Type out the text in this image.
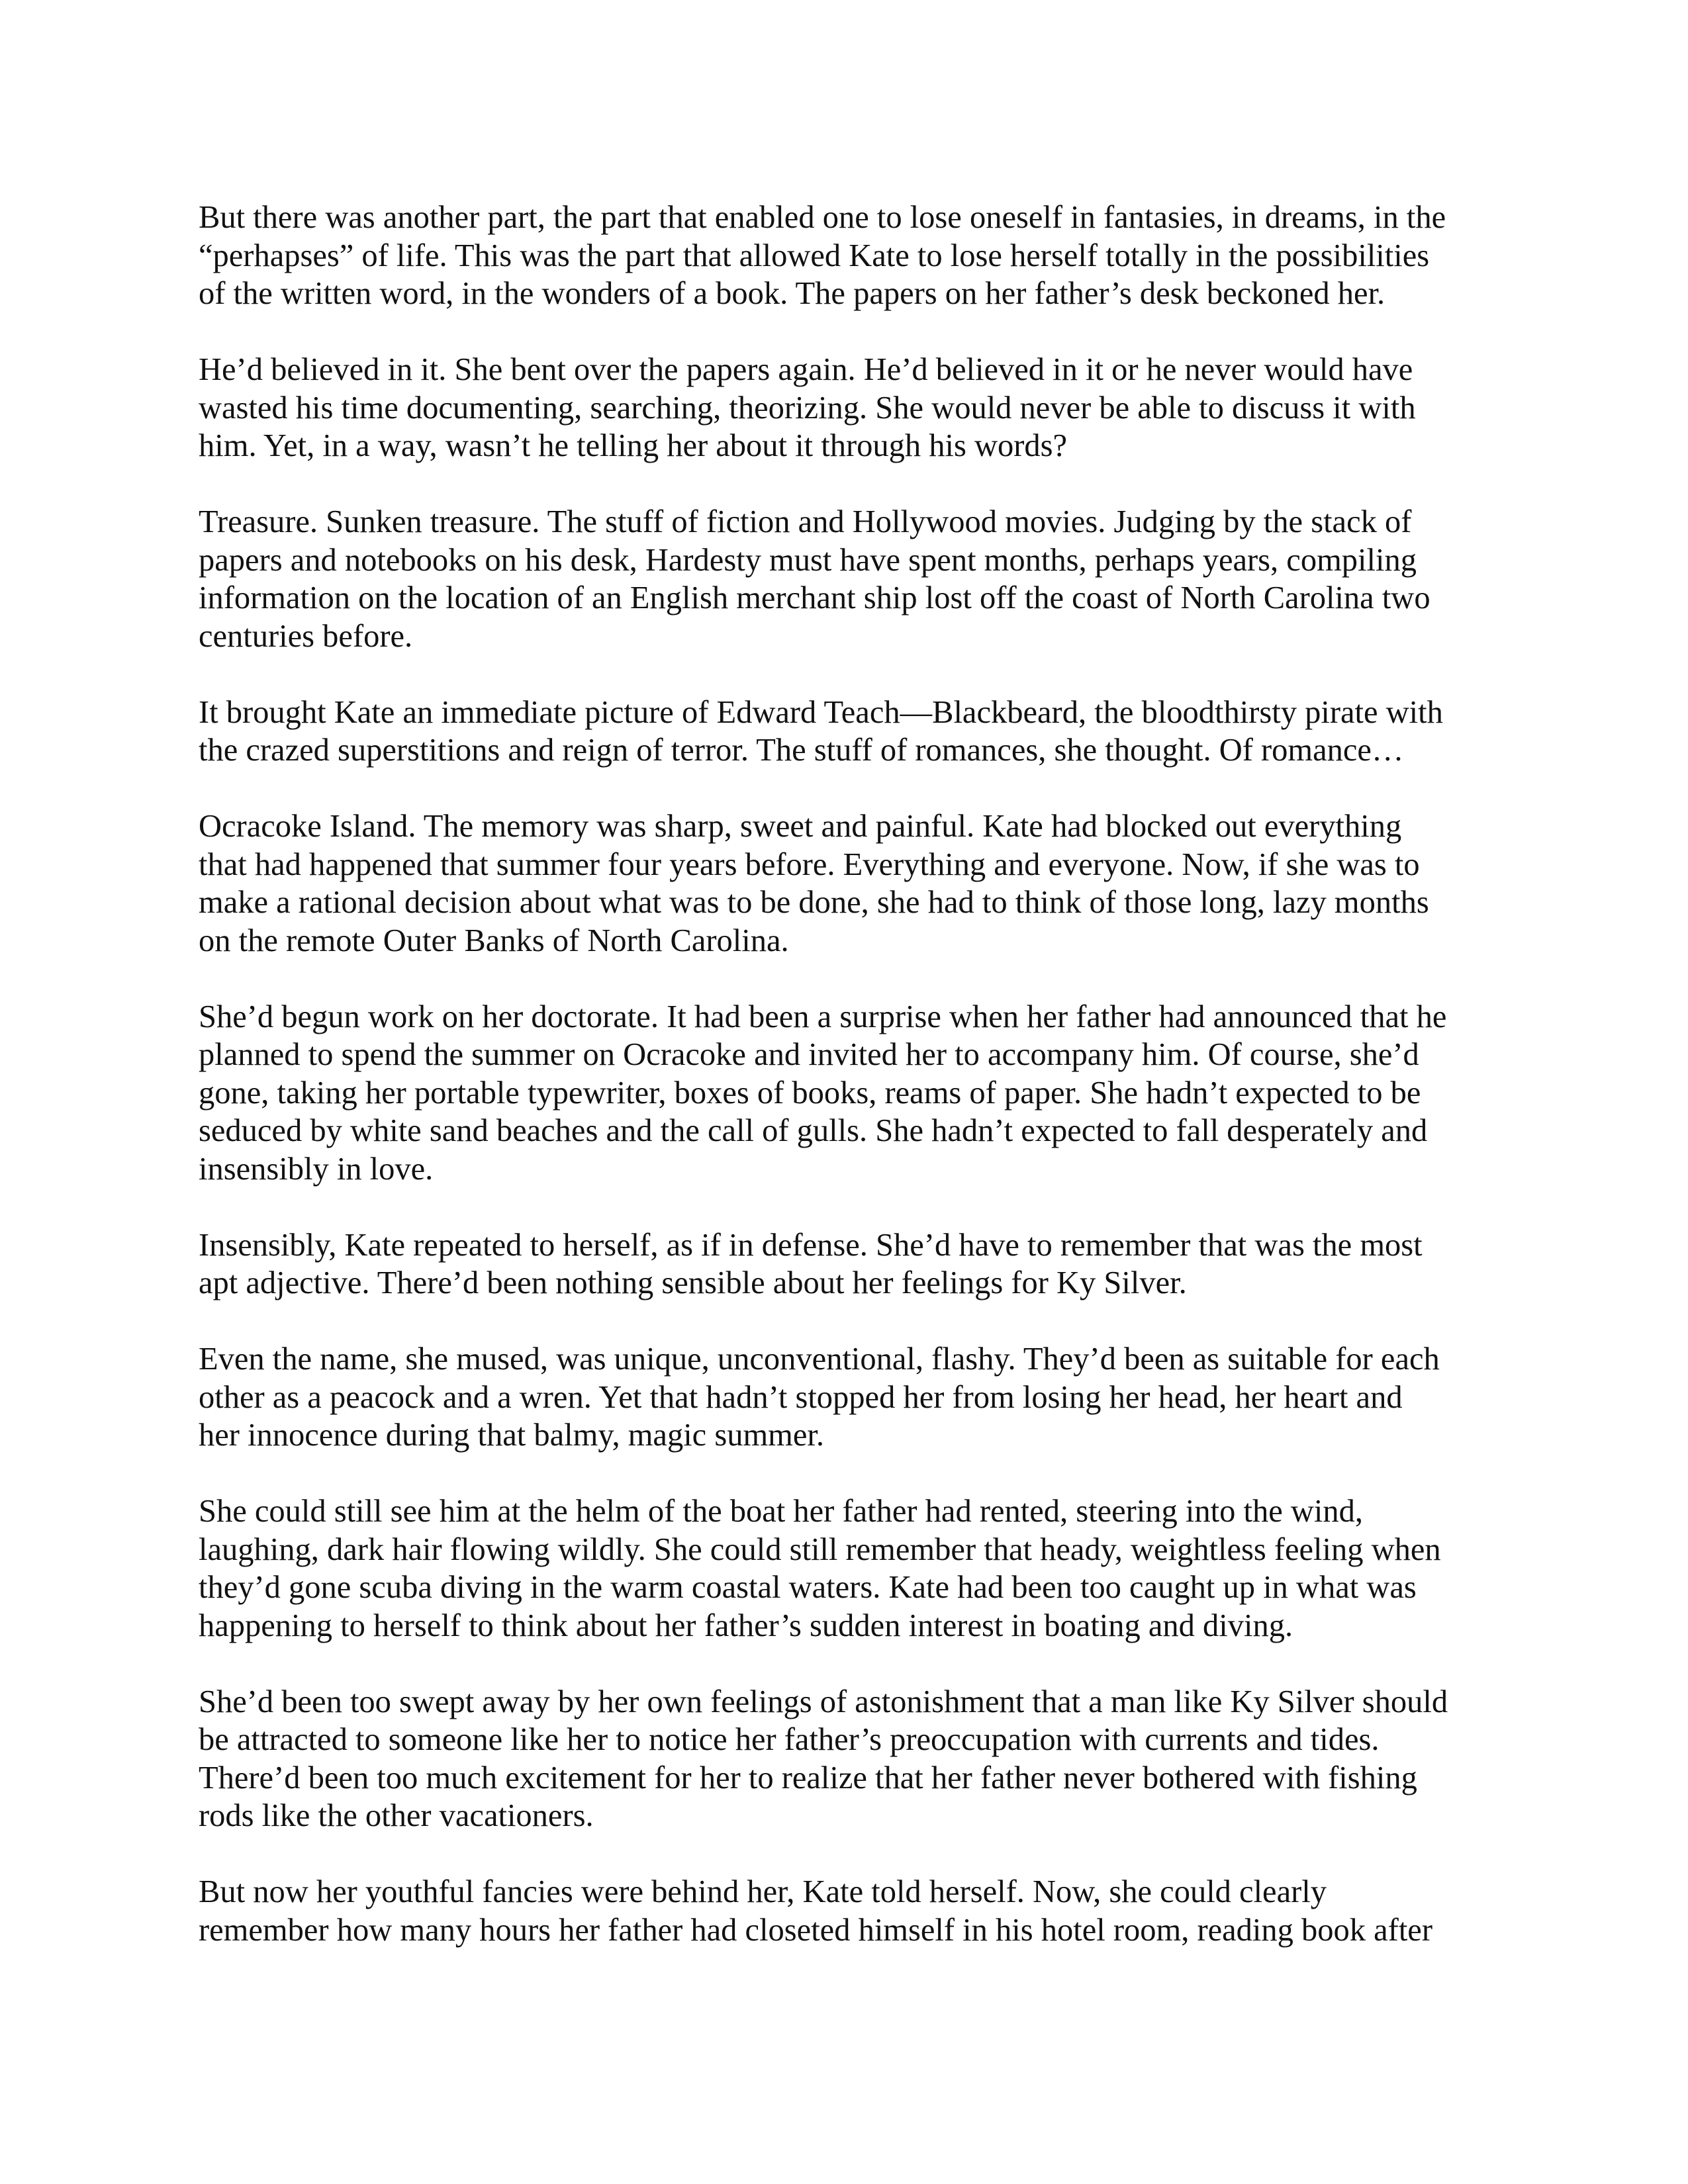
But there was another part, the part that enabled one to lose oneself in fantasies, in dreams, in the
“perhapses” of life. This was the part that allowed Kate to lose herself totally in the possibilities
of the written word, in the wonders of a book. The papers on her father’s desk beckoned her.

He’d believed in it. She bent over the papers again. He’d believed in it or he never would have
wasted his time documenting, searching, theorizing. She would never be able to discuss it with
him. Yet, in a way, wasn’t he telling her about it through his words?

Treasure. Sunken treasure. The stuff of fiction and Hollywood movies. Judging by the stack of
papers and notebooks on his desk, Hardesty must have spent months, perhaps years, compiling
information on the location of an English merchant ship lost off the coast of North Carolina two
centuries before.

It brought Kate an immediate picture of Edward Teach—Blackbeard, the bloodthirsty pirate with
the crazed superstitions and reign of terror. The stuff of romances, she thought. Of romance…

Ocracoke Island. The memory was sharp, sweet and painful. Kate had blocked out everything
that had happened that summer four years before. Everything and everyone. Now, if she was to
make a rational decision about what was to be done, she had to think of those long, lazy months
on the remote Outer Banks of North Carolina.

She’d begun work on her doctorate. It had been a surprise when her father had announced that he
planned to spend the summer on Ocracoke and invited her to accompany him. Of course, she’d
gone, taking her portable typewriter, boxes of books, reams of paper. She hadn’t expected to be
seduced by white sand beaches and the call of gulls. She hadn’t expected to fall desperately and
insensibly in love.

Insensibly, Kate repeated to herself, as if in defense. She’d have to remember that was the most
apt adjective. There’d been nothing sensible about her feelings for Ky Silver.

Even the name, she mused, was unique, unconventional, flashy. They’d been as suitable for each
other as a peacock and a wren. Yet that hadn’t stopped her from losing her head, her heart and
her innocence during that balmy, magic summer.

She could still see him at the helm of the boat her father had rented, steering into the wind,
laughing, dark hair flowing wildly. She could still remember that heady, weightless feeling when
they’d gone scuba diving in the warm coastal waters. Kate had been too caught up in what was
happening to herself to think about her father’s sudden interest in boating and diving.

She’d been too swept away by her own feelings of astonishment that a man like Ky Silver should
be attracted to someone like her to notice her father’s preoccupation with currents and tides.
There’d been too much excitement for her to realize that her father never bothered with fishing
rods like the other vacationers.

But now her youthful fancies were behind her, Kate told herself. Now, she could clearly
remember how many hours her father had closeted himself in his hotel room, reading book after
